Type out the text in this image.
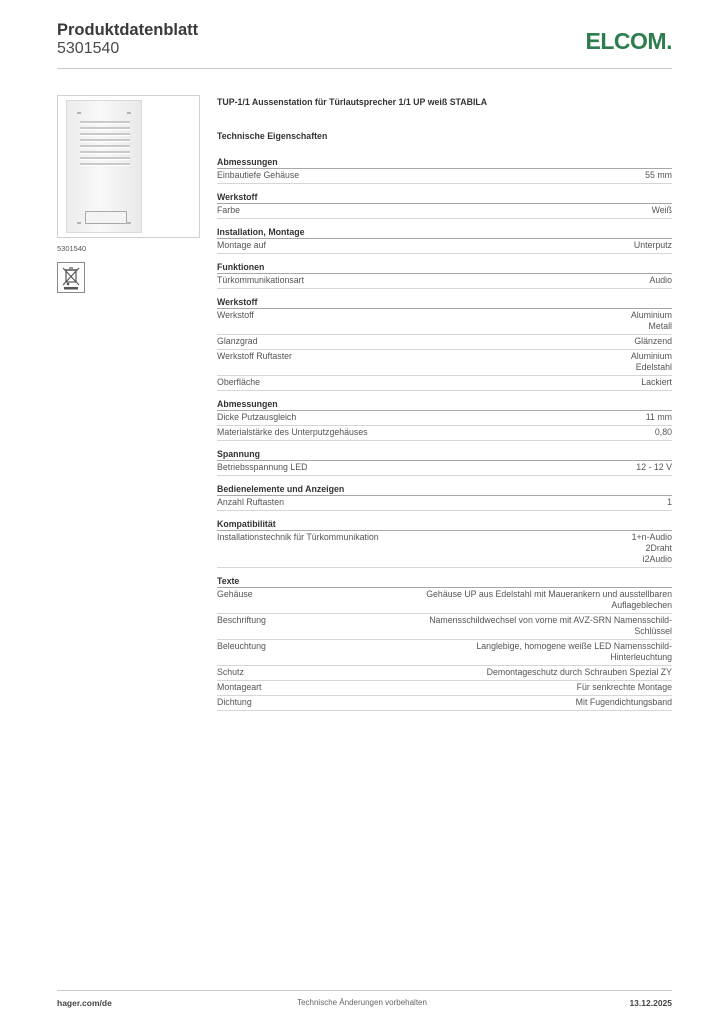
Produktdatenblatt
5301540	ELCOM.
5301540
TUP-1/1 Aussenstation für Türlautsprecher 1/1 UP weiß STABILA
Technische Eigenschaften
Abmessungen
Einbautiefe Gehäuse	55 mm
Werkstoff
Farbe	Weiß
Installation, Montage
Montage auf	Unterputz
Funktionen
Türkommunikationsart	Audio
Werkstoff
Werkstoff	Aluminium
Metall
Glanzgrad	Glänzend
Werkstoff Ruftaster	Aluminium
Edelstahl
Oberfläche	Lackiert
Abmessungen
Dicke Putzausgleich	11 mm
Materialstärke des Unterputzgehäuses	0,80
Spannung
Betriebsspannung LED	12 - 12 V
Bedienelemente und Anzeigen
Anzahl Ruftasten	1
Kompatibilität
Installationstechnik für Türkommunikation	1+n-Audio
2Draht
i2Audio
Texte
Gehäuse	Gehäuse UP aus Edelstahl mit Mauerankern und ausstellbaren
Auflageblechen
Beschriftung	Namensschildwechsel von vorne mit AVZ-SRN Namensschild-
Schlüssel
Beleuchtung	Langlebige, homogene weiße LED Namensschild-
Hinterleuchtung
Schutz	Demontageschutz durch Schrauben Spezial ZY
Montageart	Für senkrechte Montage
Dichtung	Mit Fugendichtungsband
hager.com/de	Technische Änderungen vorbehalten	13.12.2025
